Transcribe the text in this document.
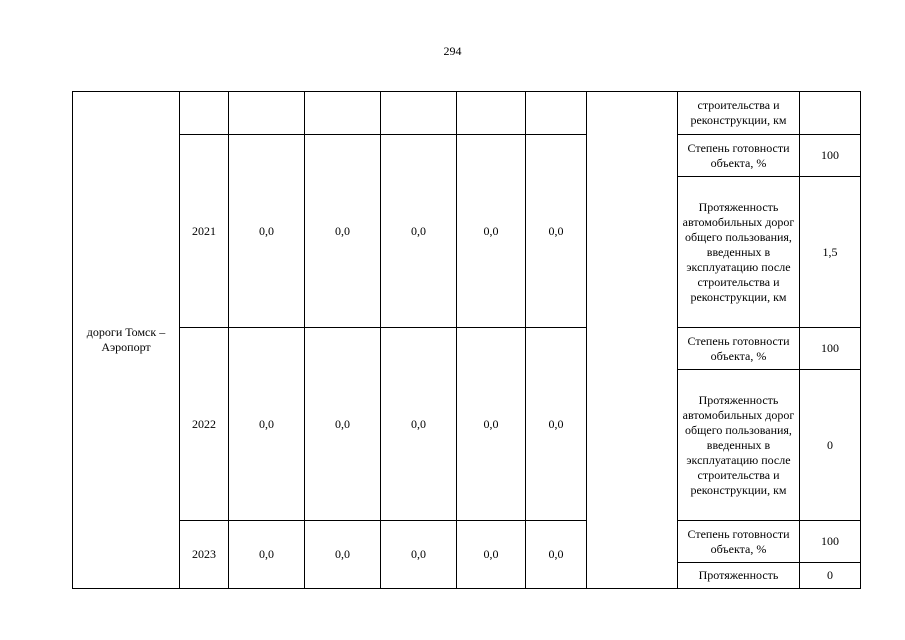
294
дороги Томск – Аэропорт								строительства и реконструкции, км	
	2021	0,0	0,0	0,0	0,0	0,0		Степень готовности объекта, %	100
								Протяженность автомобильных дорог общего пользования, введенных в эксплуатацию после строительства и реконструкции, км	1,5
	2022	0,0	0,0	0,0	0,0	0,0		Степень готовности объекта, %	100
								Протяженность автомобильных дорог общего пользования, введенных в эксплуатацию после строительства и реконструкции, км	0
	2023	0,0	0,0	0,0	0,0	0,0		Степень готовности объекта, %	100
								Протяженность	0
